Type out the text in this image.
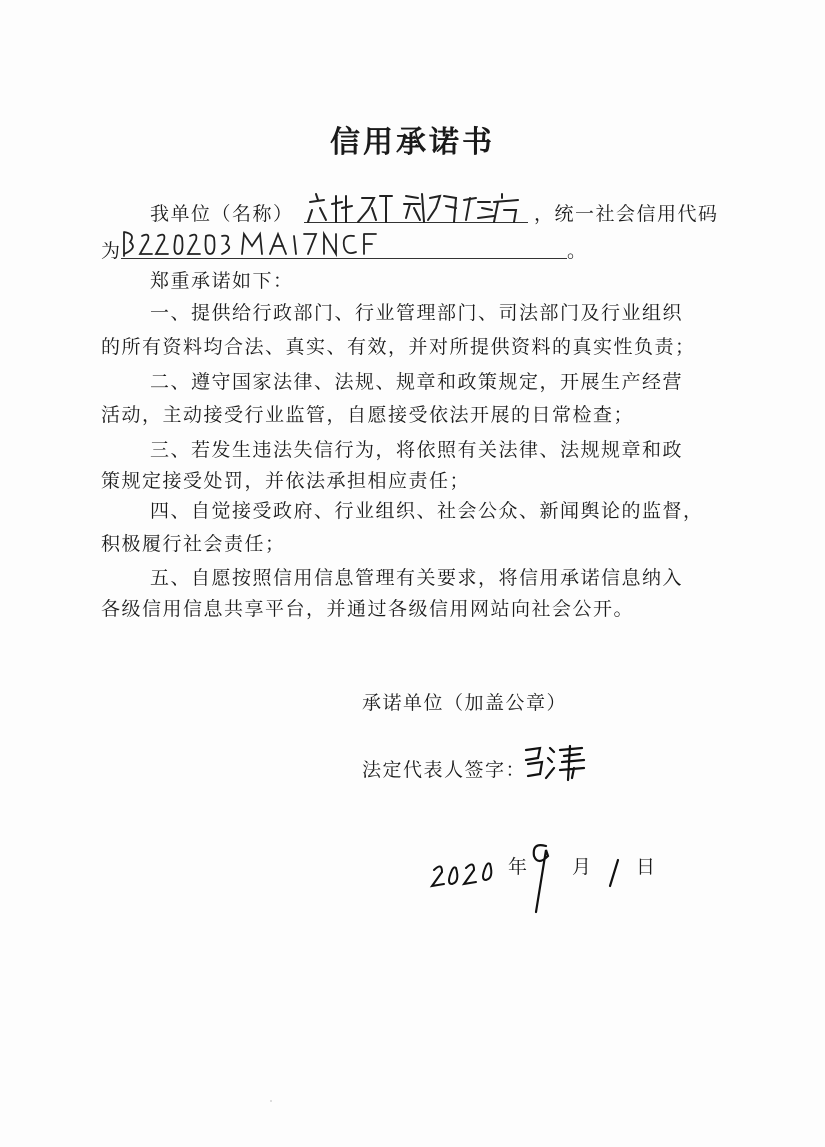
信用承诺书
我单位（名称）	，统一社会信用代码
为	。
郑重承诺如下：
一、提供给行政部门、行业管理部门、司法部门及行业组织
的所有资料均合法、真实、有效，并对所提供资料的真实性负责；
二、遵守国家法律、法规、规章和政策规定，开展生产经营
活动，主动接受行业监管，自愿接受依法开展的日常检查；
三、若发生违法失信行为，将依照有关法律、法规规章和政
策规定接受处罚，并依法承担相应责任；
四、自觉接受政府、行业组织、社会公众、新闻舆论的监督，
积极履行社会责任；
五、自愿按照信用信息管理有关要求，将信用承诺信息纳入
各级信用信息共享平台，并通过各级信用网站向社会公开。
承诺单位（加盖公章）
法定代表人签字：
年 月 日
